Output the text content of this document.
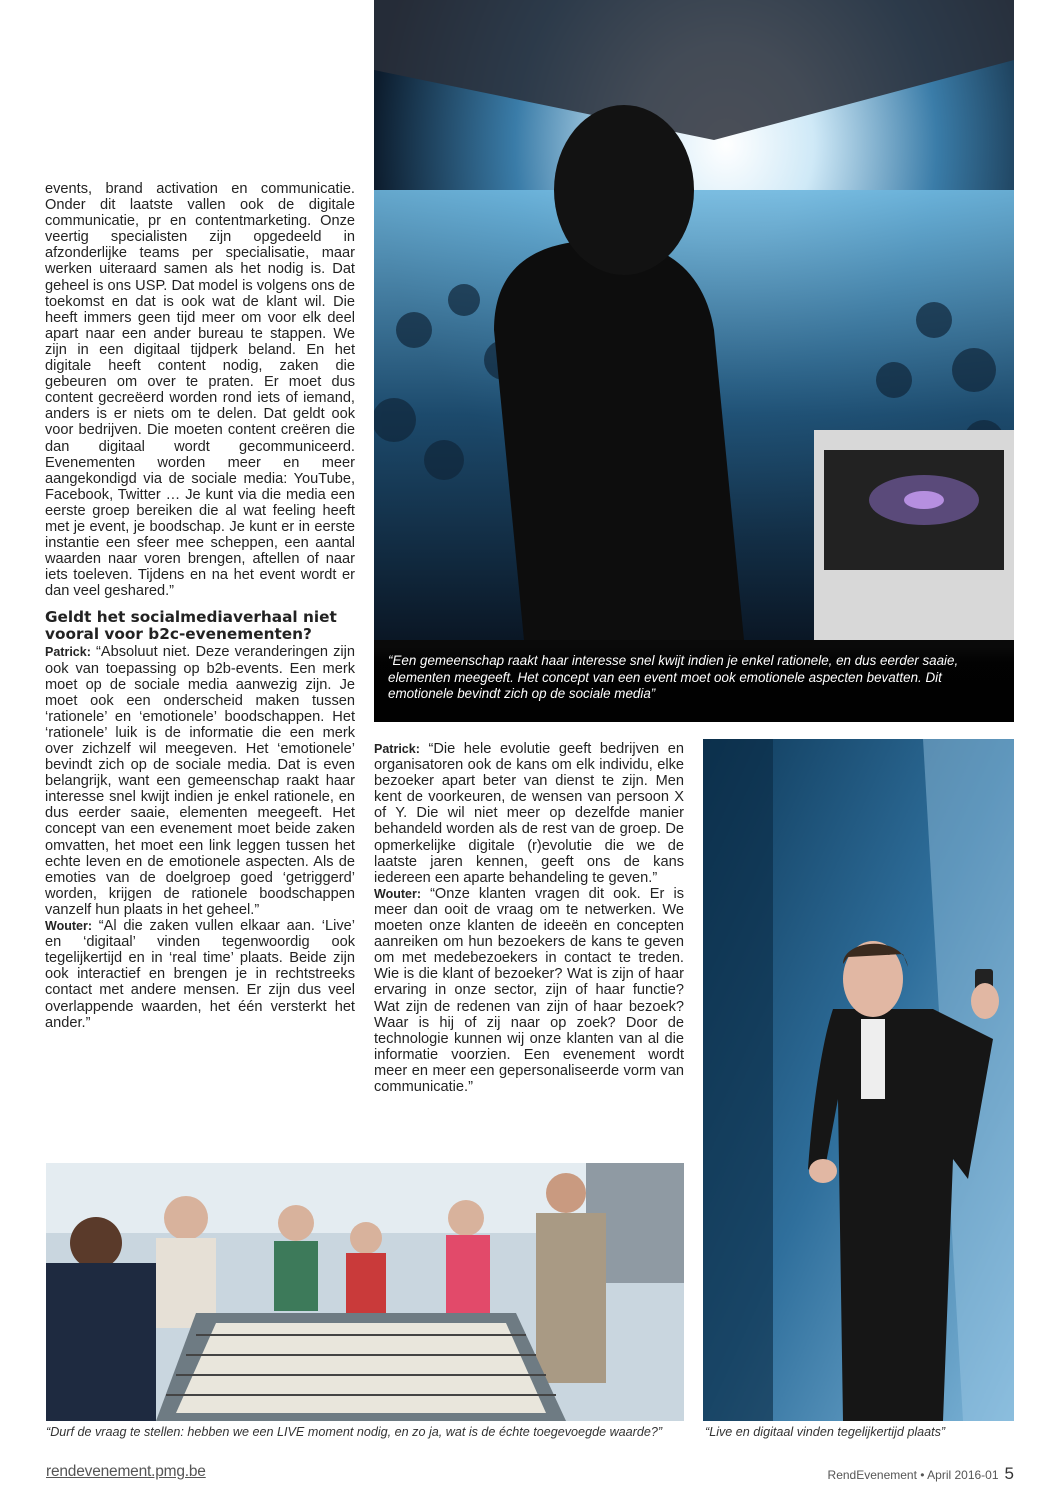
events, brand activation en communicatie. Onder dit laatste vallen ook de digitale communicatie, pr en contentmarketing. Onze veertig specialisten zijn opgedeeld in afzonderlijke teams per specialisatie, maar werken uiteraard samen als het nodig is. Dat geheel is ons USP. Dat model is volgens ons de toekomst en dat is ook wat de klant wil. Die heeft immers geen tijd meer om voor elk deel apart naar een ander bureau te stappen. We zijn in een digitaal tijdperk beland. En het digitale heeft content nodig, zaken die gebeuren om over te praten. Er moet dus content gecreëerd worden rond iets of iemand, anders is er niets om te delen. Dat geldt ook voor bedrijven. Die moeten content creëren die dan digitaal wordt gecommuniceerd. Evenementen worden meer en meer aangekondigd via de sociale media: YouTube, Facebook, Twitter … Je kunt via die media een eerste groep bereiken die al wat feeling heeft met je event, je boodschap. Je kunt er in eerste instantie een sfeer mee scheppen, een aantal waarden naar voren brengen, aftellen of naar iets toeleven. Tijdens en na het event wordt er dan veel geshared.”

Geldt het socialmediaverhaal niet vooral voor b2c-evenementen?

Patrick: “Absoluut niet. Deze veranderingen zijn ook van toepassing op b2b-events. Een merk moet op de sociale media aanwezig zijn. Je moet ook een onderscheid maken tussen ‘rationele’ en ‘emotionele’ boodschappen. Het ‘rationele’ luik is de informatie die een merk over zichzelf wil meegeven. Het ‘emotionele’ bevindt zich op de sociale media. Dat is even belangrijk, want een gemeenschap raakt haar interesse snel kwijt indien je enkel rationele, en dus eerder saaie, elementen meegeeft. Het concept van een evenement moet beide zaken omvatten, het moet een link leggen tussen het echte leven en de emotionele aspecten. Als de emoties van de doelgroep goed ‘getriggerd’ worden, krijgen de rationele boodschappen vanzelf hun plaats in het geheel.”

Wouter: “Al die zaken vullen elkaar aan. ‘Live’ en ‘digitaal’ vinden tegenwoordig ook tegelijkertijd en in ‘real time’ plaats. Beide zijn ook interactief en brengen je in rechtstreeks contact met andere mensen. Er zijn dus veel overlappende waarden, het één versterkt het ander.”

“Een gemeenschap raakt haar interesse snel kwijt indien je enkel rationele, en dus eerder saaie, elementen meegeeft. Het concept van een event moet ook emotionele aspecten bevatten. Dit emotionele bevindt zich op de sociale media”

Patrick: “Die hele evolutie geeft bedrijven en organisatoren ook de kans om elk individu, elke bezoeker apart beter van dienst te zijn. Men kent de voorkeuren, de wensen van persoon X of Y. Die wil niet meer op dezelfde manier behandeld worden als de rest van de groep. De opmerkelijke digitale (r)evolutie die we de laatste jaren kennen, geeft ons de kans iedereen een aparte behandeling te geven.”

Wouter: “Onze klanten vragen dit ook. Er is meer dan ooit de vraag om te netwerken. We moeten onze klanten de ideeën en concepten aanreiken om hun bezoekers de kans te geven om met medebezoekers in contact te treden. Wie is die klant of bezoeker? Wat is zijn of haar ervaring in onze sector, zijn of haar functie? Wat zijn de redenen van zijn of haar bezoek? Waar is hij of zij naar op zoek? Door de technologie kunnen wij onze klanten van al die informatie voorzien. Een evenement wordt meer en meer een gepersonaliseerde vorm van communicatie.”

“Durf de vraag te stellen: hebben we een LIVE moment nodig, en zo ja, wat is de échte toegevoegde waarde?”	“Live en digitaal vinden tegelijkertijd plaats”
rendevenement.pmg.be	RendEvenement • April 2016-01 5
